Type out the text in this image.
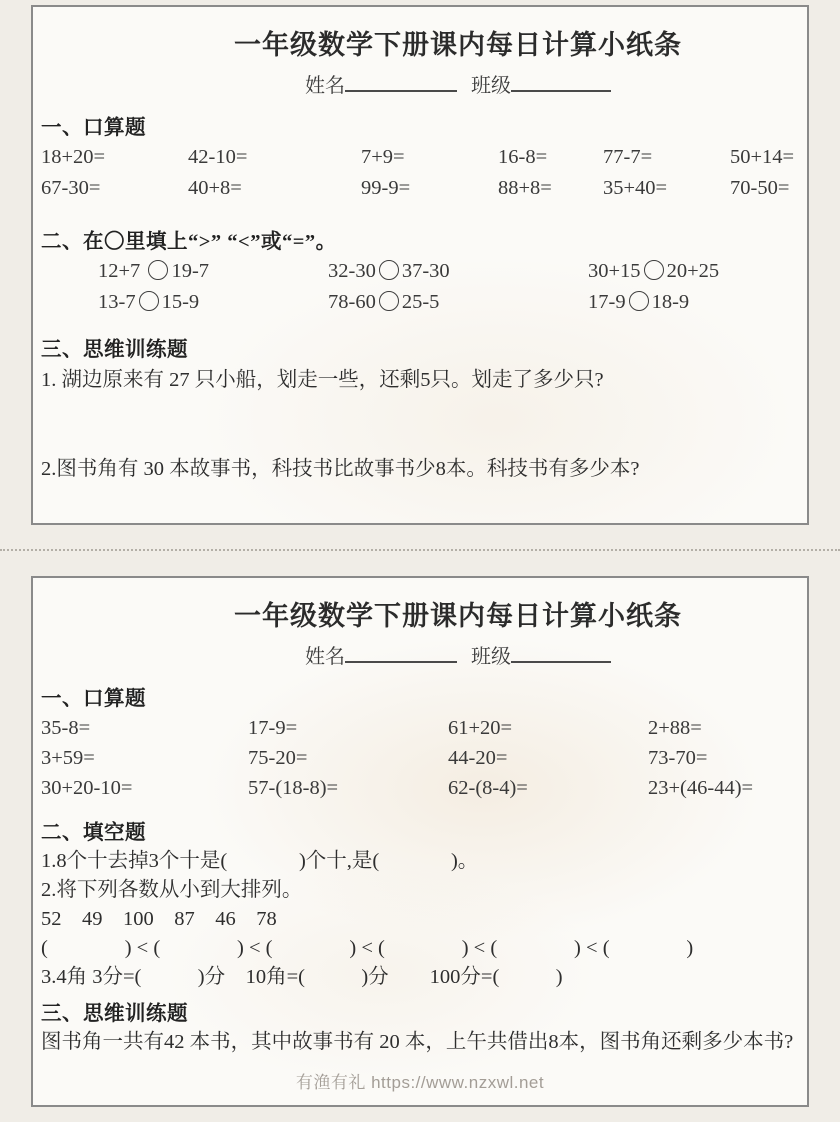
一年级数学下册课内每日计算小纸条
姓名	班级
一、口算题
18+20=	42-10=	7+9=	16-8=	77-7=	50+14=
67-30=	40+8=	99-9=	88+8=	35+40=	70-50=
二、在〇里填上“>” “<”或“=”。
12+7 19-7	32-30 37-30	30+15 20+25
13-7 15-9	78-60 25-5	17-9 18-9
三、思维训练题

1. 湖边原来有 27 只小船，划走一些，还剩5只。划走了多少只?

2.图书角有 30 本故事书，科技书比故事书少8本。科技书有多少本?

一年级数学下册课内每日计算小纸条
姓名	班级
一、口算题
35-8=	17-9=	61+20=	2+88=
3+59=	75-20=	44-20=	73-70=
30+20-10=	57-(18-8)=	62-(8-4)=	23+(46-44)=
二、填空题

1.8个十去掉3个十是(              )个十,是(              )。

2.将下列各数从小到大排列。

52    49    100    87    46    78

(               ) < (               ) < (               ) < (               ) < (               ) < (               )

3.4角 3分=(           )分    10角=(           )分        100分=(           )

三、思维训练题

图书角一共有42 本书，其中故事书有 20 本，上午共借出8本，图书角还剩多少本书?

有渔有礼 https://www.nzxwl.net
